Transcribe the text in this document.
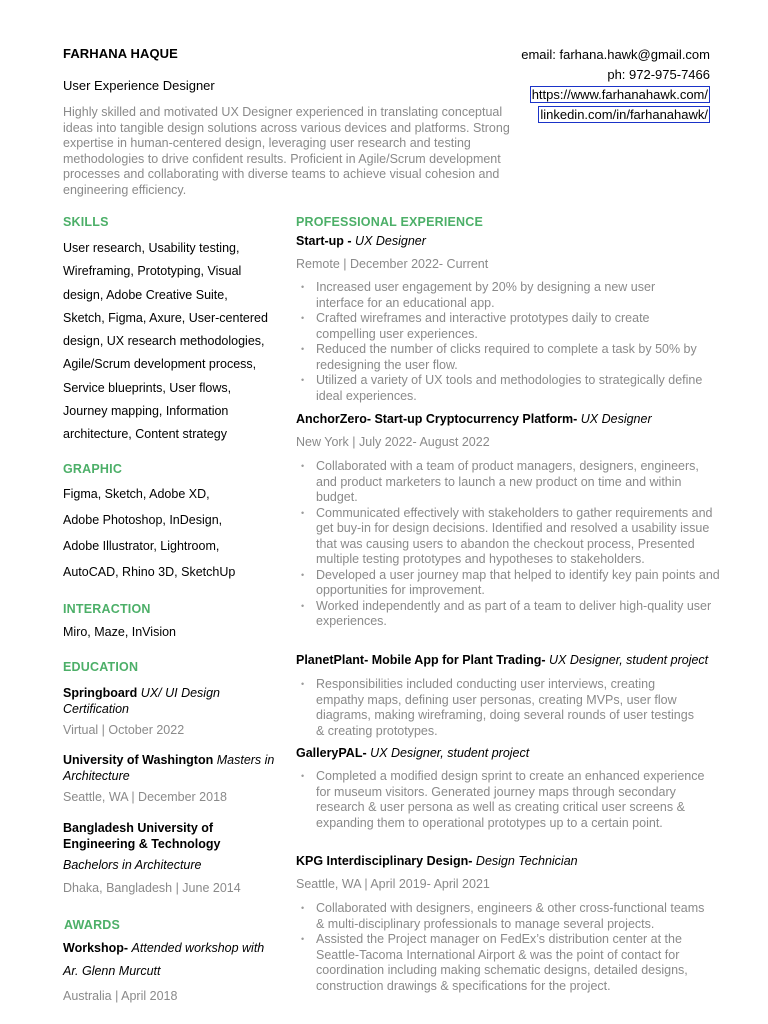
FARHANA HAQUE
User Experience Designer
Highly skilled and motivated UX Designer experienced in translating conceptual ideas into tangible design solutions across various devices and platforms. Strong expertise in human-centered design, leveraging user research and testing methodologies to drive confident results. Proficient in Agile/Scrum development processes and collaborating with diverse teams to achieve visual cohesion and engineering efficiency.
email: farhana.hawk@gmail.com
ph: 972-975-7466
https://www.farhanahawk.com/
linkedin.com/in/farhanahawk/
SKILLS
User research, Usability testing,
Wireframing, Prototyping, Visual
design, Adobe Creative Suite,
Sketch, Figma, Axure, User-centered
design, UX research methodologies,
Agile/Scrum development process,
Service blueprints, User flows,
Journey mapping, Information
architecture, Content strategy
GRAPHIC
Figma, Sketch, Adobe XD,
Adobe Photoshop, InDesign,
Adobe Illustrator, Lightroom,
AutoCAD, Rhino 3D, SketchUp
INTERACTION
Miro, Maze, InVision
EDUCATION
Springboard UX/ UI Design Certification
Virtual | October 2022
University of Washington Masters in Architecture
Seattle, WA | December 2018
Bangladesh University of Engineering & Technology
Bachelors in Architecture
Dhaka, Bangladesh | June 2014
AWARDS
Workshop- Attended workshop with
Ar. Glenn Murcutt
Australia | April 2018
PROFESSIONAL EXPERIENCE
Start-up - UX Designer
Remote | December 2022- Current
• Increased user engagement by 20% by designing a new user interface for an educational app.
• Crafted wireframes and interactive prototypes daily to create compelling user experiences.
• Reduced the number of clicks required to complete a task by 50% by redesigning the user flow.
• Utilized a variety of UX tools and methodologies to strategically define ideal experiences.
AnchorZero- Start-up Cryptocurrency Platform- UX Designer
New York | July 2022- August 2022
• Collaborated with a team of product managers, designers, engineers, and product marketers to launch a new product on time and within budget.
• Communicated effectively with stakeholders to gather requirements and get buy-in for design decisions. Identified and resolved a usability issue that was causing users to abandon the checkout process, Presented multiple testing prototypes and hypotheses to stakeholders.
• Developed a user journey map that helped to identify key pain points and opportunities for improvement.
• Worked independently and as part of a team to deliver high-quality user experiences.
PlanetPlant- Mobile App for Plant Trading- UX Designer, student project
• Responsibilities included conducting user interviews, creating empathy maps, defining user personas, creating MVPs, user flow diagrams, making wireframing, doing several rounds of user testings & creating prototypes.
GalleryPAL- UX Designer, student project
• Completed a modified design sprint to create an enhanced experience for museum visitors. Generated journey maps through secondary research & user persona as well as creating critical user screens & expanding them to operational prototypes up to a certain point.
KPG Interdisciplinary Design- Design Technician
Seattle, WA | April 2019- April 2021
• Collaborated with designers, engineers & other cross-functional teams & multi-disciplinary professionals to manage several projects.
• Assisted the Project manager on FedEx’s distribution center at the Seattle-Tacoma International Airport & was the point of contact for coordination including making schematic designs, detailed designs, construction drawings & specifications for the project.
